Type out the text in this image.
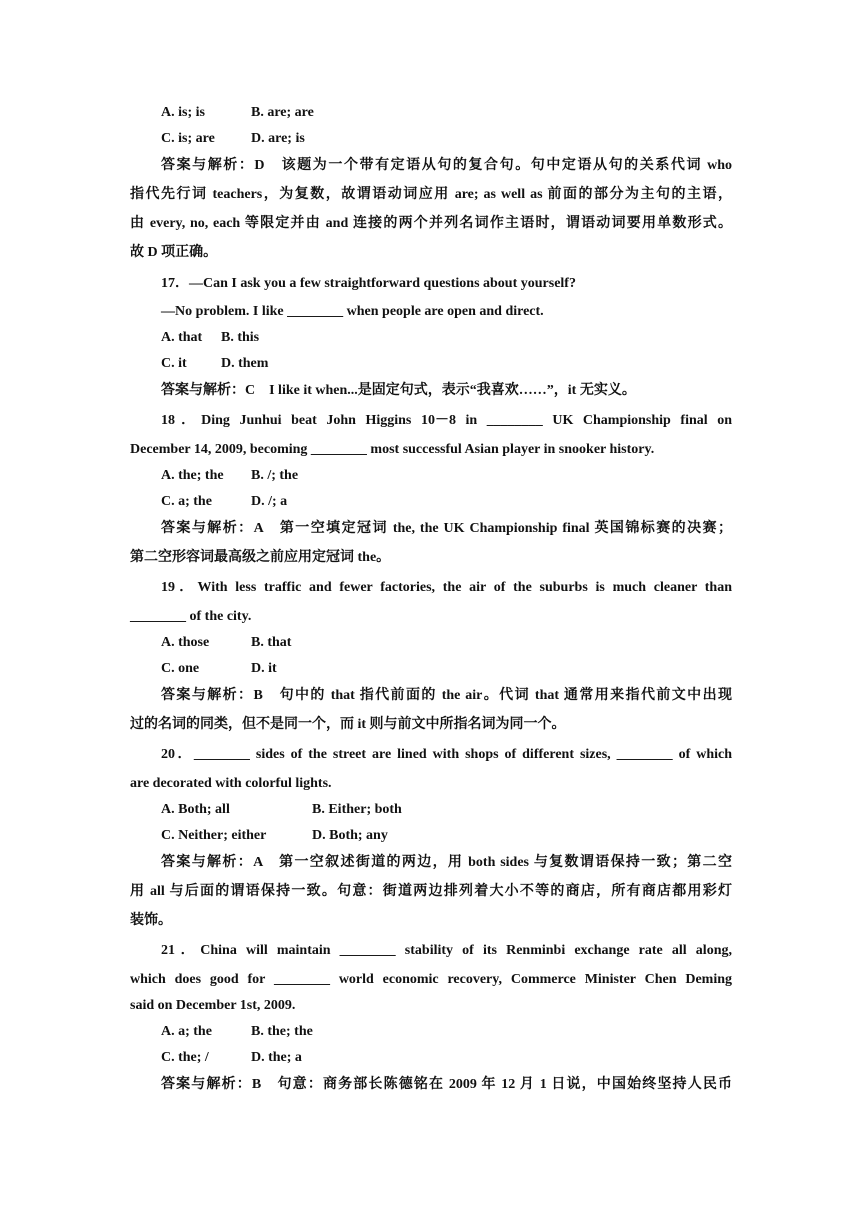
A. is; is	B. are; are
C. is; are	D. are; is
答案与解析：D　该题为一个带有定语从句的复合句。句中定语从句的关系代词 who
指代先行词 teachers，为复数，故谓语动词应用 are; as well as 前面的部分为主句的主语，
由 every, no, each 等限定并由 and 连接的两个并列名词作主语时，谓语动词要用单数形式。
故 D 项正确。
17．—Can I ask you a few straightforward questions about yourself?
—No problem. I like ________ when people are open and direct.
A. that B. this
C. it D. them
答案与解析：C　I like it when...是固定句式，表示“我喜欢……”，it 无实义。
18．Ding Junhui beat John Higgins 10－8 in ________ UK Championship final on
December 14, 2009, becoming ________ most successful Asian player in snooker history.
A. the; the B. /; the
C. a; the	D. /; a
答案与解析：A　第一空填定冠词 the, the UK Championship final 英国锦标赛的决赛；
第二空形容词最高级之前应用定冠词 the。
19．With less traffic and fewer factories, the air of the suburbs is much cleaner than
________ of the city.
A. those	B. that
C. one	D. it
答案与解析：B　句中的 that 指代前面的 the air。代词 that 通常用来指代前文中出现
过的名词的同类，但不是同一个，而 it 则与前文中所指名词为同一个。
20．________ sides of the street are lined with shops of different sizes, ________ of which
are decorated with colorful lights.
A. Both; all	B. Either; both
C. Neither; either	D. Both; any
答案与解析：A　第一空叙述街道的两边，用 both sides 与复数谓语保持一致；第二空
用 all 与后面的谓语保持一致。句意：街道两边排列着大小不等的商店，所有商店都用彩灯
装饰。
21．China will maintain ________ stability of its Renminbi exchange rate all along,
which does good for ________ world economic recovery, Commerce Minister Chen Deming
said on December 1st, 2009.
A. a; the	B. the; the
C. the; /	D. the; a
答案与解析：B　句意：商务部长陈德铭在 2009 年 12 月 1 日说，中国始终坚持人民币
